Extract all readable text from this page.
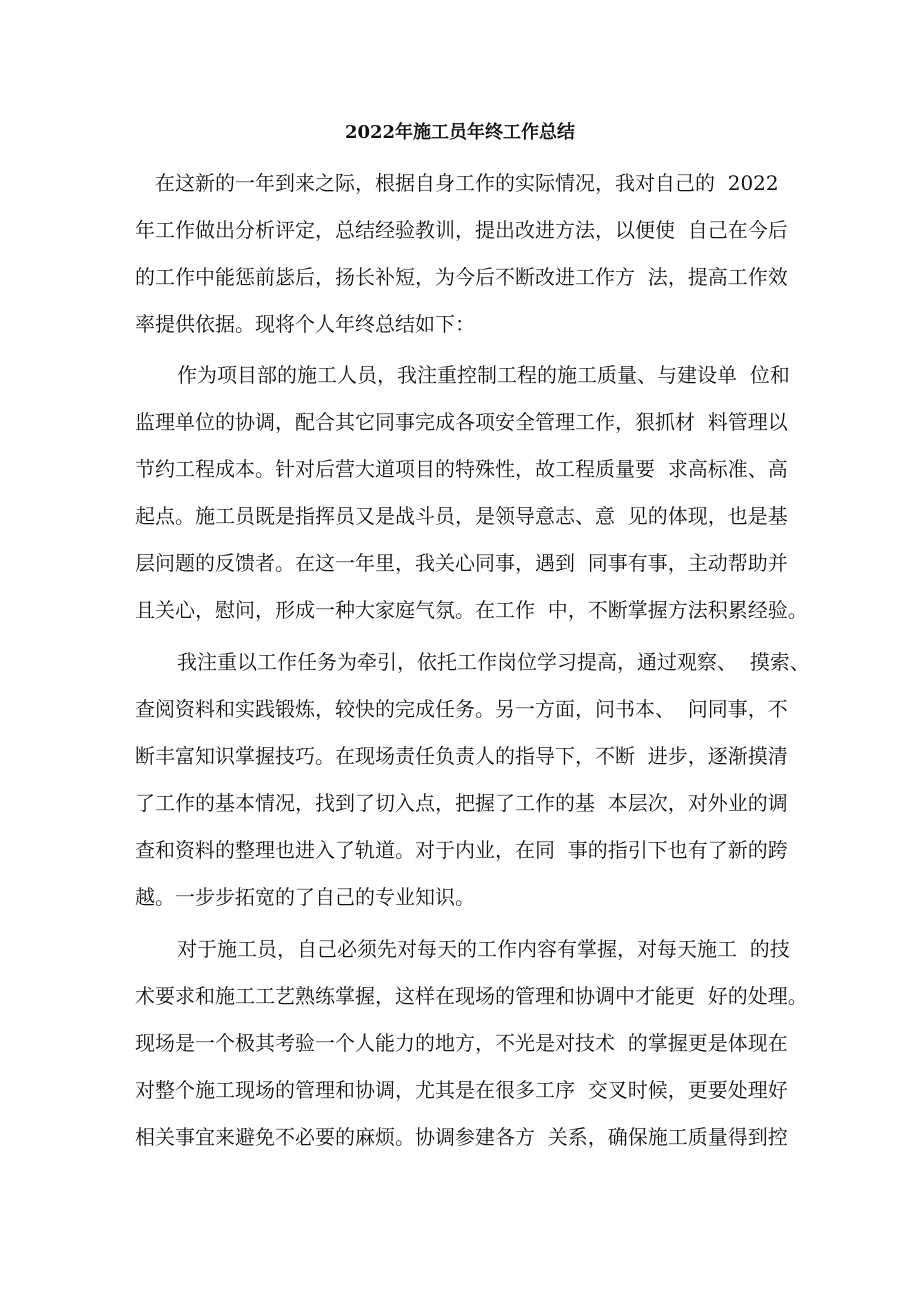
2022年施工员年终工作总结
在这新的一年到来之际，根据自身工作的实际情况，我对自己的  2022
年工作做出分析评定，总结经验教训，提出改进方法，以便使  自己在今后
的工作中能惩前毖后，扬长补短，为今后不断改进工作方  法，提高工作效
率提供依据。现将个人年终总结如下：
作为项目部的施工人员，我注重控制工程的施工质量、与建设单  位和
监理单位的协调，配合其它同事完成各项安全管理工作，狠抓材  料管理以
节约工程成本。针对后营大道项目的特殊性，故工程质量要  求高标准、高
起点。施工员既是指挥员又是战斗员，是领导意志、意  见的体现，也是基
层问题的反馈者。在这一年里，我关心同事，遇到  同事有事，主动帮助并
且关心，慰问，形成一种大家庭气氛。在工作  中，不断掌握方法积累经验。
我注重以工作任务为牵引，依托工作岗位学习提高，通过观察、  摸索、
查阅资料和实践锻炼，较快的完成任务。另一方面，问书本、  问同事，不
断丰富知识掌握技巧。在现场责任负责人的指导下，不断  进步，逐渐摸清
了工作的基本情况，找到了切入点，把握了工作的基  本层次，对外业的调
查和资料的整理也进入了轨道。对于内业，在同  事的指引下也有了新的跨
越。一步步拓宽的了自己的专业知识。
对于施工员，自己必须先对每天的工作内容有掌握，对每天施工  的技
术要求和施工工艺熟练掌握，这样在现场的管理和协调中才能更  好的处理。
现场是一个极其考验一个人能力的地方，不光是对技术  的掌握更是体现在
对整个施工现场的管理和协调，尤其是在很多工序  交叉时候，更要处理好
相关事宜来避免不必要的麻烦。协调参建各方  关系，确保施工质量得到控
